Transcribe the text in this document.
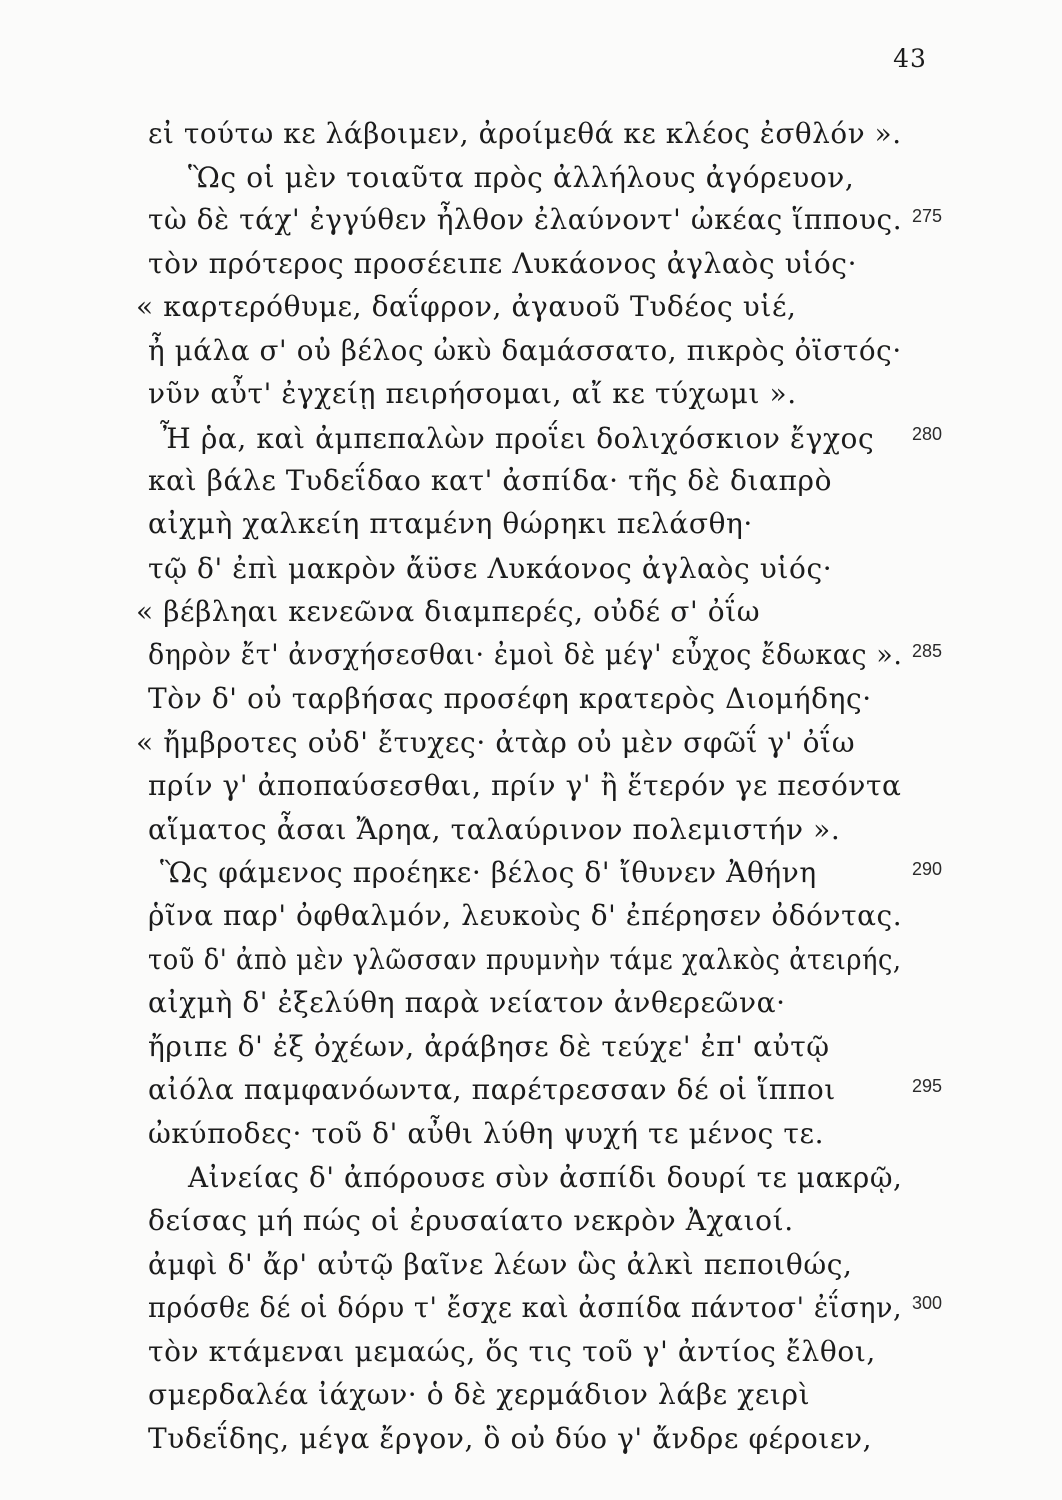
43
εἰ τούτω κε λάβοιμεν, ἀροίμεθά κε κλέος ἐσθλόν ».
Ὣς οἱ μὲν τοιαῦτα πρὸς ἀλλήλους ἀγόρευον,
τὼ δὲ τάχ' ἐγγύθεν ἦλθον ἐλαύνοντ' ὠκέας ἵππους. 275
τὸν πρότερος προσέειπε Λυκάονος ἀγλαὸς υἱός·
« καρτερόθυμε, δαΐφρον, ἀγαυοῦ Τυδέος υἱέ,
ἦ μάλα σ' οὐ βέλος ὠκὺ δαμάσσατο, πικρὸς ὀϊστός·
νῦν αὖτ' ἐγχείῃ πειρήσομαι, αἴ κε τύχωμι ».
Ἦ ῥα, καὶ ἀμπεπαλὼν προΐει δολιχόσκιον ἔγχος 280
καὶ βάλε Τυδεΐδαο κατ' ἀσπίδα· τῆς δὲ διαπρὸ
αἰχμὴ χαλκείη πταμένη θώρηκι πελάσθη·
τῷ δ' ἐπὶ μακρὸν ἄϋσε Λυκάονος ἀγλαὸς υἱός·
« βέβληαι κενεῶνα διαμπερές, οὐδέ σ' ὀΐω
δηρὸν ἔτ' ἀνσχήσεσθαι· ἐμοὶ δὲ μέγ' εὖχος ἔδωκας ». 285
Τὸν δ' οὐ ταρβήσας προσέφη κρατερὸς Διομήδης·
« ἤμβροτες οὐδ' ἔτυχες· ἀτὰρ οὐ μὲν σφῶΐ γ' ὀΐω
πρίν γ' ἀποπαύσεσθαι, πρίν γ' ἢ ἕτερόν γε πεσόντα
αἵματος ἆσαι Ἄρηα, ταλαύρινον πολεμιστήν ».
Ὣς φάμενος προέηκε· βέλος δ' ἴθυνεν Ἀθήνη	290
ῥῖνα παρ' ὀφθαλμόν, λευκοὺς δ' ἐπέρησεν ὀδόντας.
τοῦ δ' ἀπὸ μὲν γλῶσσαν πρυμνὴν τάμε χαλκὸς ἀτειρής,
αἰχμὴ δ' ἐξελύθη παρὰ νείατον ἀνθερεῶνα·
ἤριπε δ' ἐξ ὀχέων, ἀράβησε δὲ τεύχε' ἐπ' αὐτῷ
αἰόλα παμφανόωντα, παρέτρεσσαν δέ οἱ ἵπποι	295
ὠκύποδες· τοῦ δ' αὖθι λύθη ψυχή τε μένος τε.
Αἰνείας δ' ἀπόρουσε σὺν ἀσπίδι δουρί τε μακρῷ,
δείσας μή πώς οἱ ἐρυσαίατο νεκρὸν Ἀχαιοί.
ἀμφὶ δ' ἄρ' αὐτῷ βαῖνε λέων ὣς ἀλκὶ πεποιθώς,
πρόσθε δέ οἱ δόρυ τ' ἔσχε καὶ ἀσπίδα πάντοσ' ἐΐσην, 300
τὸν κτάμεναι μεμαώς, ὅς τις τοῦ γ' ἀντίος ἔλθοι,
σμερδαλέα ἰάχων· ὁ δὲ χερμάδιον λάβε χειρὶ
Τυδεΐδης, μέγα ἔργον, ὃ οὐ δύο γ' ἄνδρε φέροιεν,
